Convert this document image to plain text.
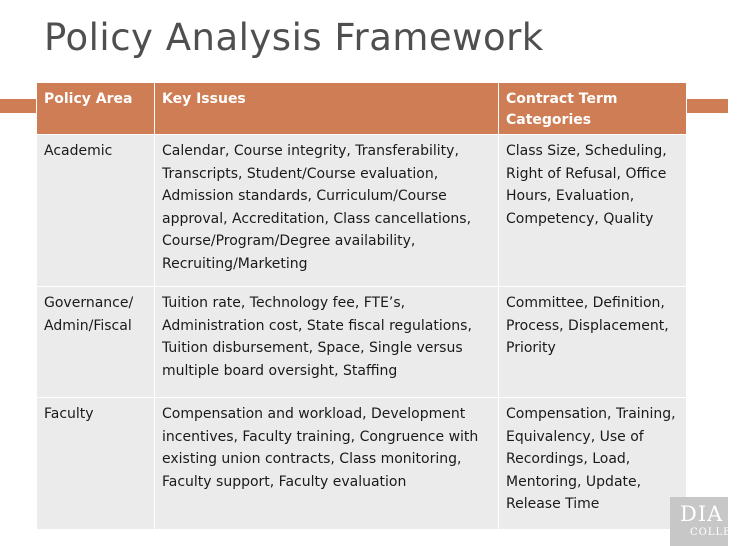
Policy Analysis Framework
Policy Area	Key Issues	Contract Term Categories
Academic	Calendar, Course integrity, Transferability, Transcripts, Student/Course evaluation, Admission standards, Curriculum/Course approval, Accreditation, Class cancellations, Course/Program/Degree availability, Recruiting/Marketing	Class Size, Scheduling, Right of Refusal, Office Hours, Evaluation, Competency, Quality
Governance/ Admin/Fiscal	Tuition rate, Technology fee, FTE’s, Administration cost, State fiscal regulations, Tuition disbursement, Space, Single versus multiple board oversight, Staffing	Committee, Definition, Process, Displacement, Priority
Faculty	Compensation and workload, Development incentives, Faculty training, Congruence with existing union contracts, Class monitoring, Faculty support, Faculty evaluation	Compensation, Training, Equivalency, Use of Recordings, Load, Mentoring, Update, Release Time	DIA
COLLEGE
